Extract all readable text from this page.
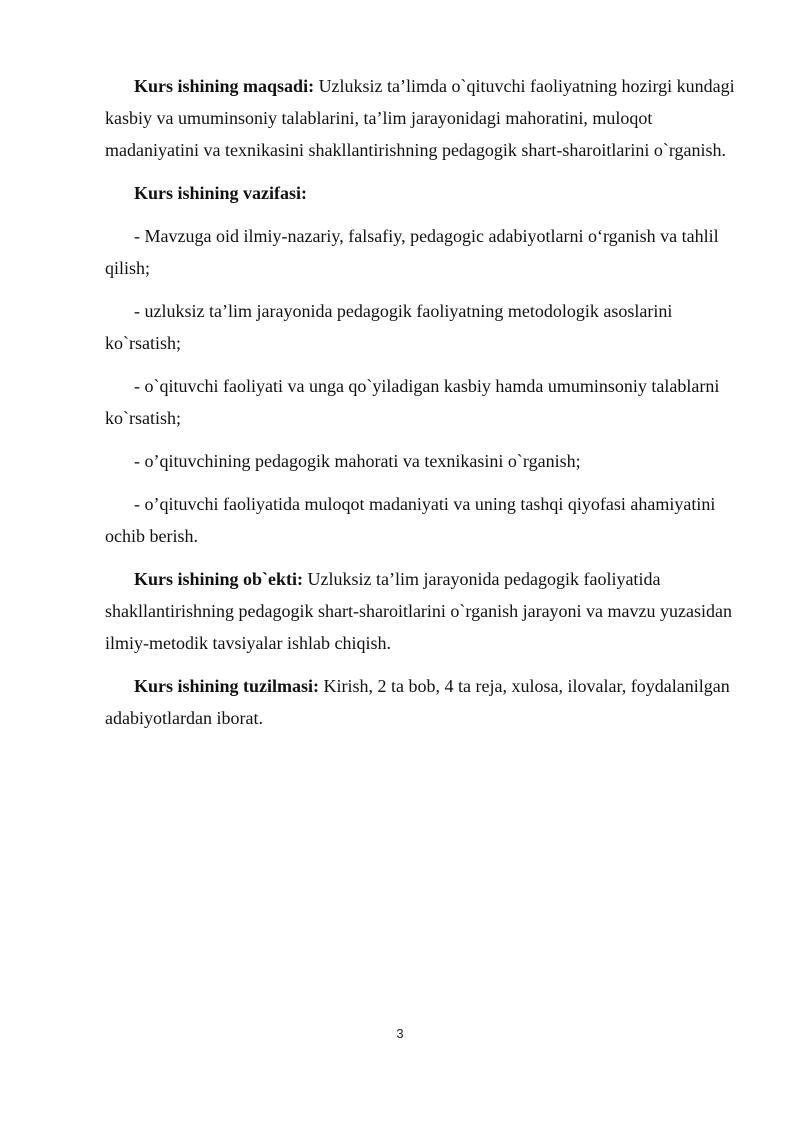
Kurs ishining maqsadi: Uzluksiz ta’limda o`qituvchi faoliyatning hozirgi kundagi kasbiy va umuminsoniy talablarini, ta’lim jarayonidagi mahoratini, muloqot madaniyatini va texnikasini shakllantirishning pedagogik shart-sharoitlarini o`rganish.

Kurs ishining vazifasi:

- Mavzuga oid ilmiy-nazariy, falsafiy, pedagogic adabiyotlarni o‘rganish va tahlil qilish;

- uzluksiz ta’lim jarayonida pedagogik faoliyatning metodologik asoslarini ko`rsatish;

- o`qituvchi faoliyati va unga qo`yiladigan kasbiy hamda umuminsoniy talablarni ko`rsatish;

- o’qituvchining pedagogik mahorati va texnikasini o`rganish;

- o’qituvchi faoliyatida muloqot madaniyati va uning tashqi qiyofasi ahamiyatini ochib berish.

Kurs ishining ob`ekti: Uzluksiz ta’lim jarayonida pedagogik faoliyatida shakllantirishning pedagogik shart-sharoitlarini o`rganish jarayoni va mavzu yuzasidan ilmiy-metodik tavsiyalar ishlab chiqish.

Kurs ishining tuzilmasi: Kirish, 2 ta bob, 4 ta reja, xulosa, ilovalar, foydalanilgan adabiyotlardan iborat.

3
